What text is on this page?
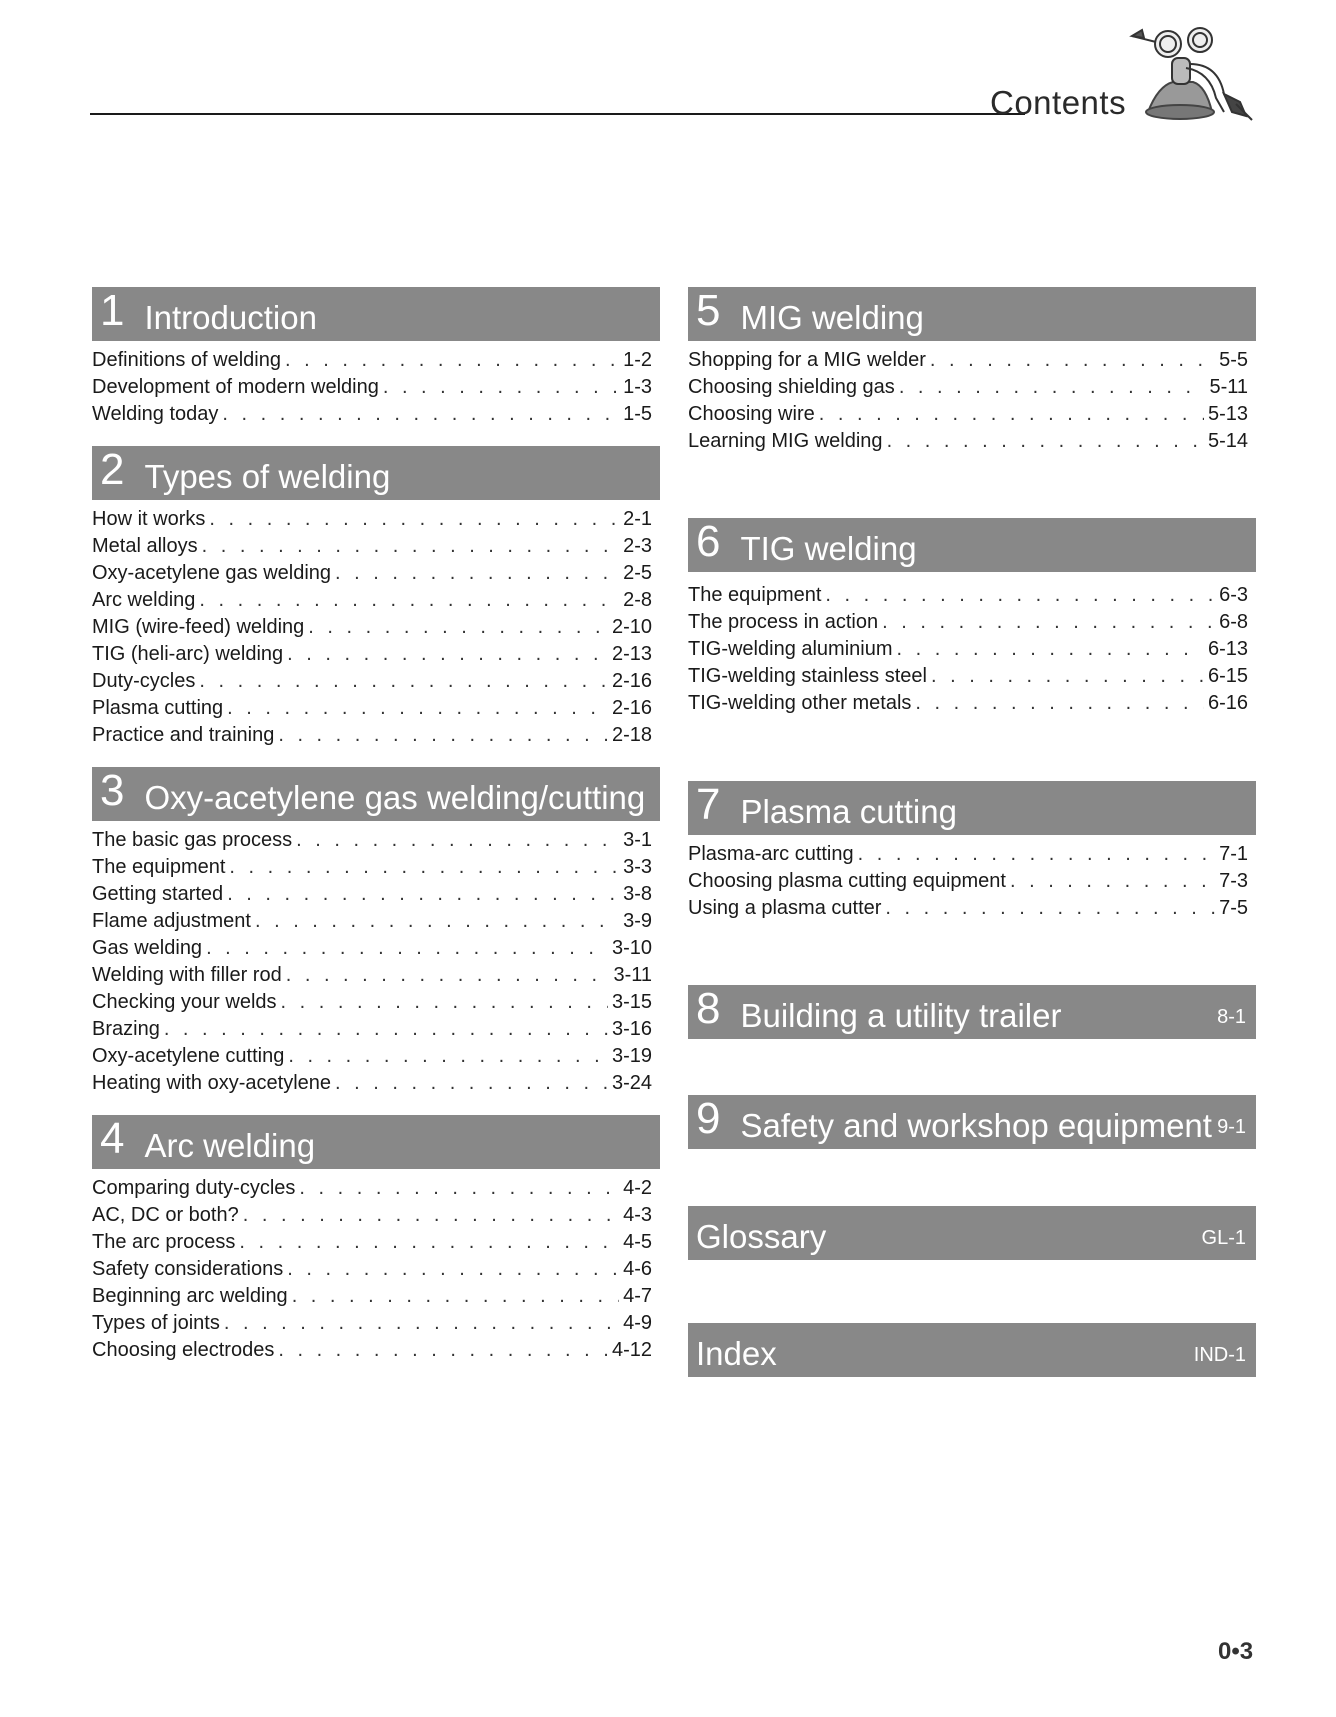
Contents
1 Introduction
Definitions of welding . . .	1-2
Development of modern welding . . .	1-3
Welding today . . .	1-5
2 Types of welding
How it works . . .	2-1
Metal alloys . . .	2-3
Oxy-acetylene gas welding . . .	2-5
Arc welding . . .	2-8
MIG (wire-feed) welding . . .	2-10
TIG (heli-arc) welding . . .	2-13
Duty-cycles . . .	2-16
Plasma cutting . . .	2-16
Practice and training . . .	2-18
3 Oxy-acetylene gas welding/cutting
The basic gas process . . .	3-1
The equipment . . .	3-3
Getting started . . .	3-8
Flame adjustment . . .	3-9
Gas welding . . .	3-10
Welding with filler rod . . .	3-11
Checking your welds . . .	3-15
Brazing . . .	3-16
Oxy-acetylene cutting . . .	3-19
Heating with oxy-acetylene . . .	3-24
4 Arc welding
Comparing duty-cycles . . .	4-2
AC, DC or both? . . .	4-3
The arc process . . .	4-5
Safety considerations . . .	4-6
Beginning arc welding . . .	4-7
Types of joints . . .	4-9
Choosing electrodes . . .	4-12
5 MIG welding
Shopping for a MIG welder . . .	5-5
Choosing shielding gas . . .	5-11
Choosing wire . . .	5-13
Learning MIG welding . . .	5-14
6 TIG welding
The equipment . . .	6-3
The process in action . . .	6-8
TIG-welding aluminium . . .	6-13
TIG-welding stainless steel . . .	6-15
TIG-welding other metals . . .	6-16
7 Plasma cutting
Plasma-arc cutting . . .	7-1
Choosing plasma cutting equipment . . .	7-3
Using a plasma cutter . . .	7-5
8 Building a utility trailer	8-1
9 Safety and workshop equipment 9-1
Glossary	GL-1
Index	IND-1
0•3
